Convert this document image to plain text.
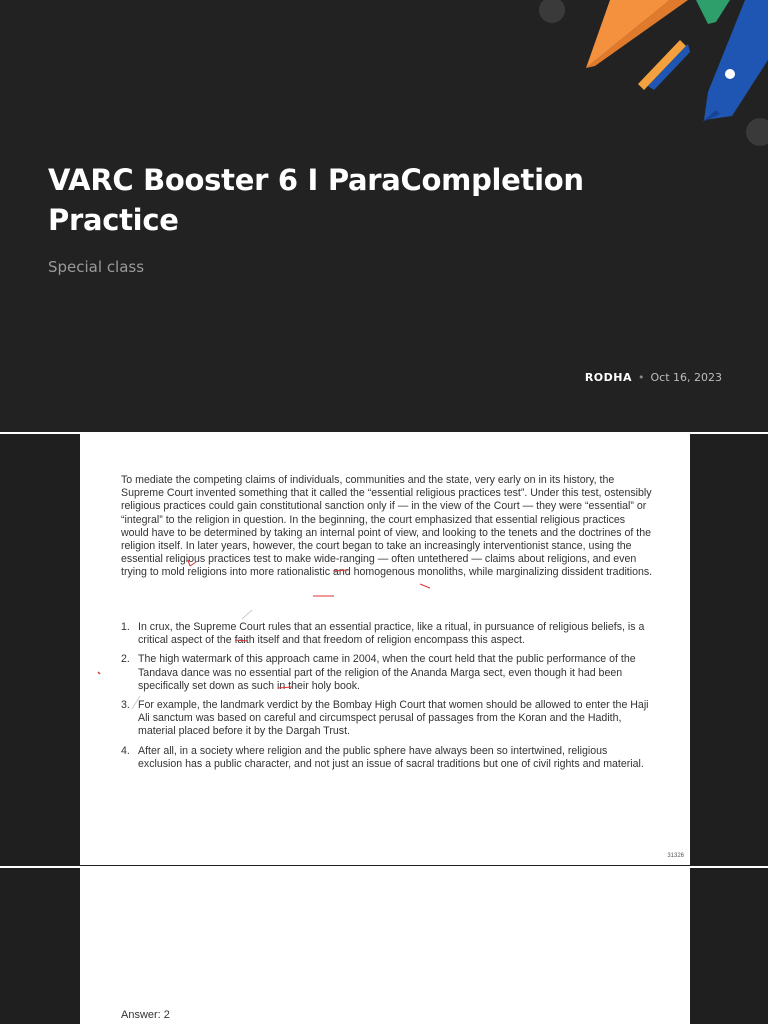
VARC Booster 6 I ParaCompletion Practice
Special class
RODHA • Oct 16, 2023

To mediate the competing claims of individuals, communities and the state, very early on in its history, the Supreme Court invented something that it called the “essential religious practices test”. Under this test, ostensibly religious practices could gain constitutional sanction only if — in the view of the Court — they were “essential” or “integral” to the religion in question. In the beginning, the court emphasized that essential religious practices would have to be determined by taking an internal point of view, and looking to the tenets and the doctrines of the religion itself. In later years, however, the court began to take an increasingly interventionist stance, using the essential religious practices test to make wide-ranging — often untethered — claims about religions, and even trying to mold religions into more rationalistic and homogenous monoliths, while marginalizing dissident traditions.

1. In crux, the Supreme Court rules that an essential practice, like a ritual, in pursuance of religious beliefs, is a critical aspect of the faith itself and that freedom of religion encompass this aspect.
2. The high watermark of this approach came in 2004, when the court held that the public performance of the Tandava dance was no essential part of the religion of the Ananda Marga sect, even though it had been specifically set down as such in their holy book.
3. For example, the landmark verdict by the Bombay High Court that women should be allowed to enter the Haji Ali sanctum was based on careful and circumspect perusal of passages from the Koran and the Hadith, material placed before it by the Dargah Trust.
4. After all, in a society where religion and the public sphere have always been so intertwined, religious exclusion has a public character, and not just an issue of sacral traditions but one of civil rights and material.
31326
Answer: 2
